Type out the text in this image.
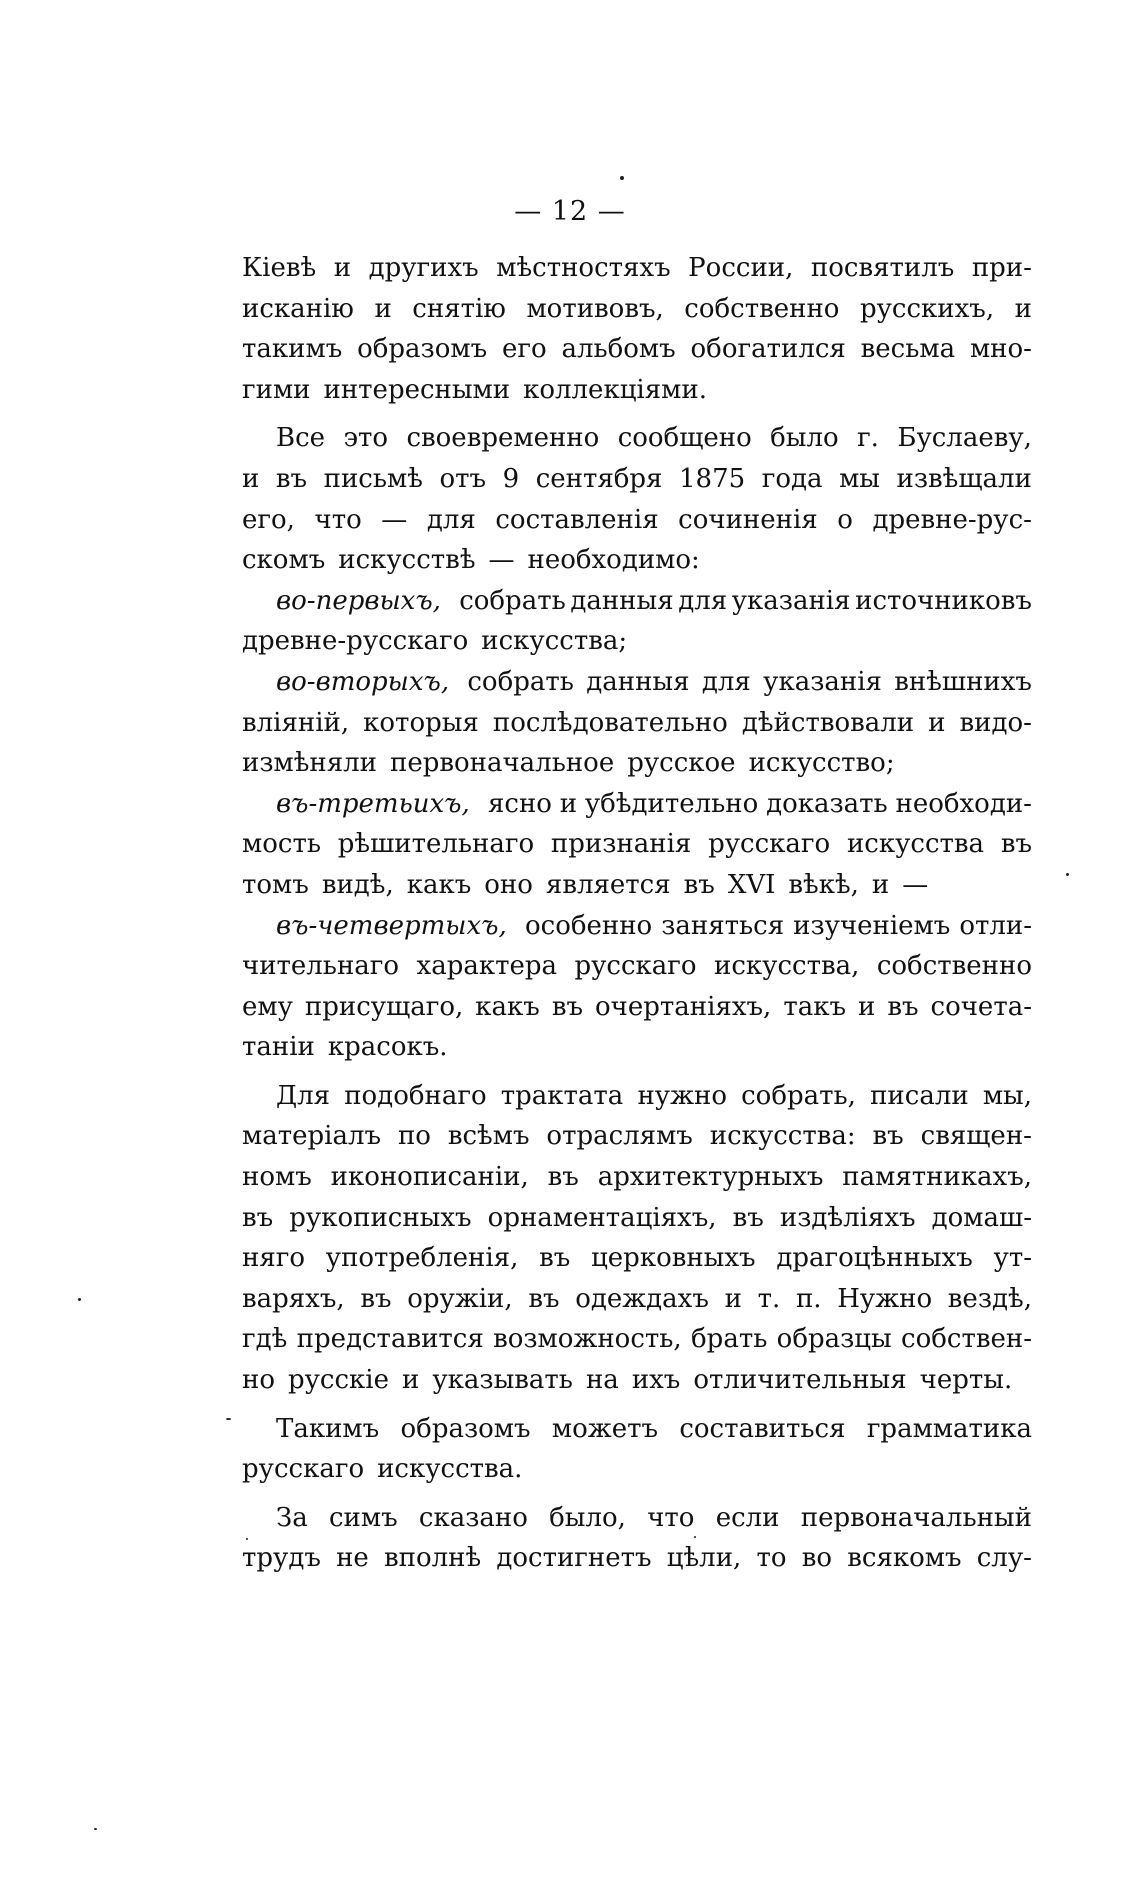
— 12 —
Кіевѣ и другихъ мѣстностяхъ России, посвятилъ при-
исканію и снятію мотивовъ, собственно русскихъ, и
такимъ образомъ его альбомъ обогатился весьма мно-
гими интересными коллекціями.
Все это своевременно сообщено было г. Буслаеву,
и въ письмѣ отъ 9 сентября 1875 года мы извѣщали
его, что — для составленія сочиненія о древне-рус-
скомъ искусствѣ — необходимо:
во-первыхъ,
собрать данныя для указанія источниковъ
древне-русскаго искусства;
во-вторыхъ,
собрать данныя для указанія внѣшнихъ
вліяній, которыя послѣдовательно дѣйствовали и видо-
измѣняли первоначальное русское искусство;
въ-третьихъ,
ясно и убѣдительно доказать необходи-
мость рѣшительнаго признанія русскаго искусства въ
томъ видѣ, какъ оно является въ XVI вѣкѣ, и —
въ-четвертыхъ,
особенно заняться изученіемъ отли-
чительнаго характера русскаго искусства, собственно
ему присущаго, какъ въ очертаніяхъ, такъ и въ сочета-
таніи красокъ.
Для подобнаго трактата нужно собрать, писали мы,
матеріалъ по всѣмъ отраслямъ искусства: въ священ-
номъ иконописаніи, въ архитектурныхъ памятникахъ,
въ рукописныхъ орнаментаціяхъ, въ издѣліяхъ домаш-
няго употребленія, въ церковныхъ драгоцѣнныхъ ут-
варяхъ, въ оружіи, въ одеждахъ и т. п. Нужно вездѣ,
гдѣ представится возможность, брать образцы собствен-
но русскіе и указывать на ихъ отличительныя черты.
Такимъ образомъ можетъ составиться грамматика
русскаго искусства.
За симъ сказано было, что если первоначальный
трудъ не вполнѣ достигнетъ цѣли, то во всякомъ слу-
